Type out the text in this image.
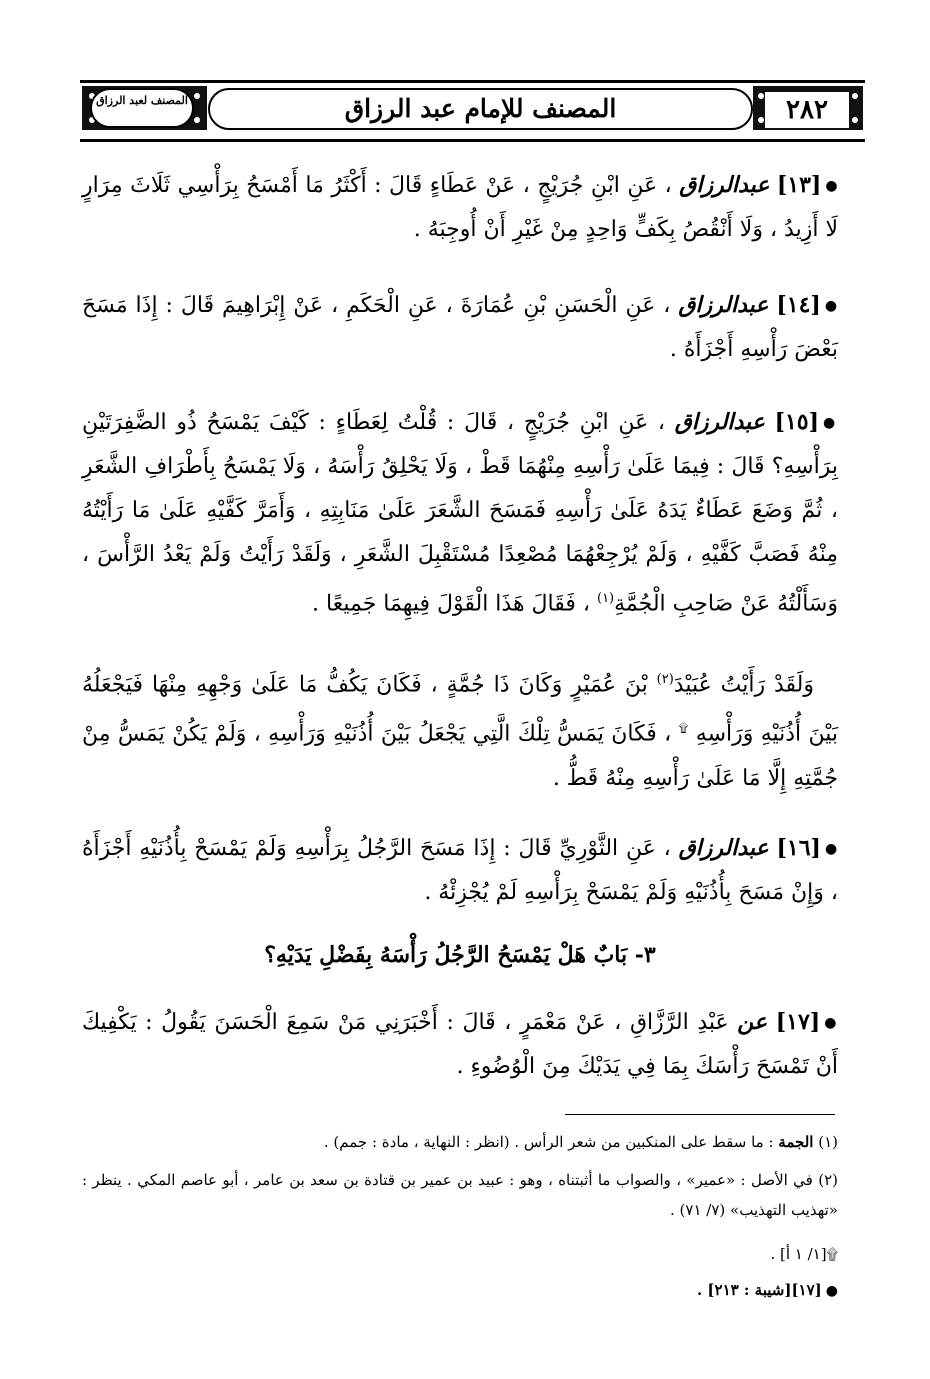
المصنف لعبد الرزاق	المصنف للإمام عبد الرزاق	٢٨٢

●[١٣] عبدالرزاق ، عَنِ ابْنِ جُرَيْجٍ ، عَنْ عَطَاءٍ قَالَ : أَكْثَرُ مَا أَمْسَحُ بِرَأْسِي ثَلَاثَ مِرَارٍ لَا أَزِيدُ ، وَلَا أَنْقُصُ بِكَفٍّ وَاحِدٍ مِنْ غَيْرِ أَنْ أُوجِبَهُ .

●[١٤] عبدالرزاق ، عَنِ الْحَسَنِ بْنِ عُمَارَةَ ، عَنِ الْحَكَمِ ، عَنْ إِبْرَاهِيمَ قَالَ : إِذَا مَسَحَ بَعْضَ رَأْسِهِ أَجْزَأَهُ .

●[١٥] عبدالرزاق ، عَنِ ابْنِ جُرَيْجٍ ، قَالَ : قُلْتُ لِعَطَاءٍ : كَيْفَ يَمْسَحُ ذُو الضَّفِرَتَيْنِ بِرَأْسِهِ؟ قَالَ : فِيمَا عَلَىٰ رَأْسِهِ مِنْهُمَا قَطْ ، وَلَا يَحْلِقُ رَأْسَهُ ، وَلَا يَمْسَحُ بِأَطْرَافِ الشَّعَرِ ، ثُمَّ وَضَعَ عَطَاءٌ يَدَهُ عَلَىٰ رَأْسِهِ فَمَسَحَ الشَّعَرَ عَلَىٰ مَنَابِتِهِ ، وَأَمَرَّ كَفَّيْهِ عَلَىٰ مَا رَأَيْتُهُ مِنْهُ فَصَبَّ كَفَّيْهِ ، وَلَمْ يُرْجِعْهُمَا مُصْعِدًا مُسْتَقْبِلَ الشَّعَرِ ، وَلَقَدْ رَأَيْتُ وَلَمْ يَعْدُ الرَّأْسَ ، وَسَأَلْتُهُ عَنْ صَاحِبِ الْجُمَّةِ$^{(١)}$ ، فَقَالَ هَذَا الْقَوْلَ فِيهِمَا جَمِيعًا .

وَلَقَدْ رَأَيْتُ عُبَيْدَ$^{(٢)}$ بْنَ عُمَيْرٍ وَكَانَ ذَا جُمَّةٍ ، فَكَانَ يَكُفُّ مَا عَلَىٰ وَجْهِهِ مِنْهَا فَيَجْعَلُهُ بَيْنَ أُذُنَيْهِ وَرَأْسِهِ ۩ ، فَكَانَ يَمَسُّ تِلْكَ الَّتِي يَجْعَلُ بَيْنَ أُذُنَيْهِ وَرَأْسِهِ ، وَلَمْ يَكُنْ يَمَسُّ مِنْ جُمَّتِهِ إِلَّا مَا عَلَىٰ رَأْسِهِ مِنْهُ قَطُّ .

●[١٦] عبدالرزاق ، عَنِ الثَّوْرِيِّ قَالَ : إِذَا مَسَحَ الرَّجُلُ بِرَأْسِهِ وَلَمْ يَمْسَحْ بِأُذُنَيْهِ أَجْزَأَهُ ، وَإِنْ مَسَحَ بِأُذُنَيْهِ وَلَمْ يَمْسَحْ بِرَأْسِهِ لَمْ يُجْزِئْهُ .

٣- بَابٌ هَلْ يَمْسَحُ الرَّجُلُ رَأْسَهُ بِفَضْلِ يَدَيْهِ؟

●[١٧] عن عَبْدِ الرَّزَّاقِ ، عَنْ مَعْمَرٍ ، قَالَ : أَخْبَرَنِي مَنْ سَمِعَ الْحَسَنَ يَقُولُ : يَكْفِيكَ أَنْ تَمْسَحَ رَأْسَكَ بِمَا فِي يَدَيْكَ مِنَ الْوُضُوءِ .

(١) الجمة : ما سقط على المنكبين من شعر الرأس . (انظر : النهاية ، مادة : جمم) .

(٢) في الأصل : «عمير» ، والصواب ما أثبتناه ، وهو : عبيد بن عمير بن قتادة بن سعد بن عامر ، أبو عاصم المكي . ينظر : «تهذيب التهذيب» (٧/ ٧١) .

۩[١/ ١ أ] .

●[١٧][شيبة : ٢١٣] .
